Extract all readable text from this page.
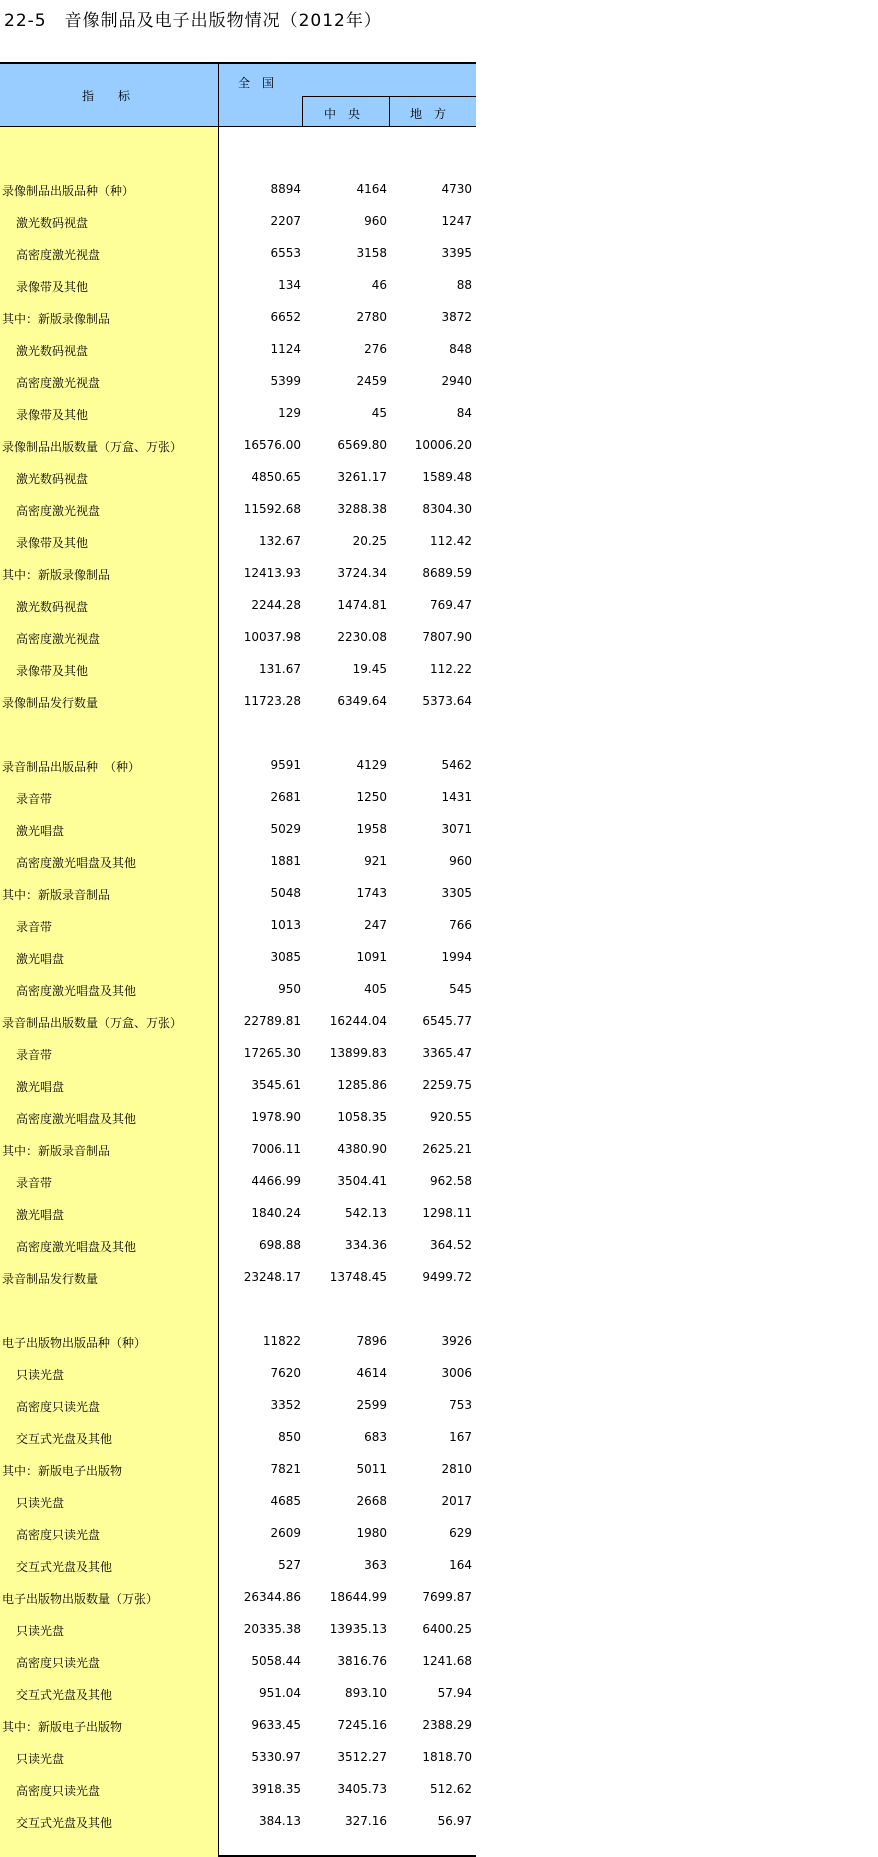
22-5　音像制品及电子出版物情况（2012年）
指　　标
全　国
中　央	地　方
录像制品出版品种（种）	8894	4164	4730
激光数码视盘	2207	960	1247
高密度激光视盘	6553	3158	3395
录像带及其他	134	46	88
其中：新版录像制品	6652	2780	3872
激光数码视盘	1124	276	848
高密度激光视盘	5399	2459	2940
录像带及其他	129	45	84
录像制品出版数量（万盒、万张）	16576.00	6569.80 10006.20
激光数码视盘	4850.65	3261.17	1589.48
高密度激光视盘	11592.68	3288.38	8304.30
录像带及其他	132.67	20.25	112.42
其中：新版录像制品	12413.93	3724.34	8689.59
激光数码视盘	2244.28	1474.81	769.47
高密度激光视盘	10037.98	2230.08	7807.90
录像带及其他	131.67	19.45	112.22
录像制品发行数量	11723.28	6349.64	5373.64
录音制品出版品种　（种）	9591	4129	5462
录音带	2681	1250	1431
激光唱盘	5029	1958	3071
高密度激光唱盘及其他	1881	921	960
其中：新版录音制品	5048	1743	3305
录音带	1013	247	766
激光唱盘	3085	1091	1994
高密度激光唱盘及其他	950	405	545
录音制品出版数量（万盒、万张）	22789.81 16244.04	6545.77
录音带	17265.30 13899.83	3365.47
激光唱盘	3545.61	1285.86	2259.75
高密度激光唱盘及其他	1978.90	1058.35	920.55
其中：新版录音制品	7006.11	4380.90	2625.21
录音带	4466.99	3504.41	962.58
激光唱盘	1840.24	542.13	1298.11
高密度激光唱盘及其他	698.88	334.36	364.52
录音制品发行数量	23248.17 13748.45	9499.72
电子出版物出版品种（种）	11822	7896	3926
只读光盘	7620	4614	3006
高密度只读光盘	3352	2599	753
交互式光盘及其他	850	683	167
其中：新版电子出版物	7821	5011	2810
只读光盘	4685	2668	2017
高密度只读光盘	2609	1980	629
交互式光盘及其他	527	363	164
电子出版物出版数量（万张）	26344.86 18644.99	7699.87
只读光盘	20335.38 13935.13	6400.25
高密度只读光盘	5058.44	3816.76	1241.68
交互式光盘及其他	951.04	893.10	57.94
其中：新版电子出版物	9633.45	7245.16	2388.29
只读光盘	5330.97	3512.27	1818.70
高密度只读光盘	3918.35	3405.73	512.62
交互式光盘及其他	384.13	327.16	56.97
